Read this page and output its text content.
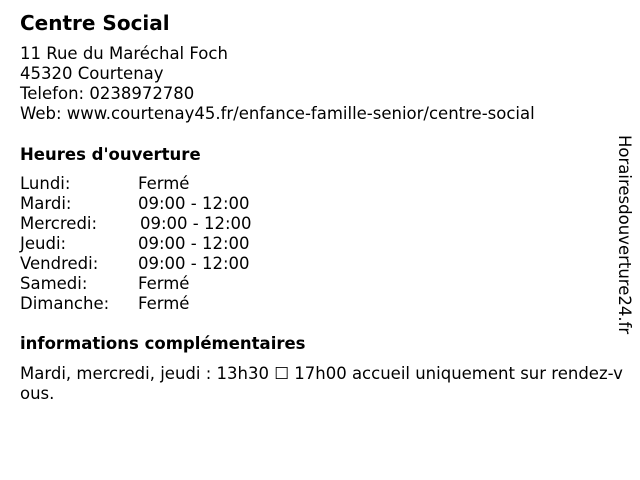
Centre Social
11 Rue du Maréchal Foch
45320 Courtenay
Telefon: 0238972780
Web: www.courtenay45.fr/enfance-famille-senior/centre-social
Heures d'ouverture
Lundi:	Fermé
Mardi:	09:00 - 12:00
Mercredi:	09:00 - 12:00
Jeudi:	09:00 - 12:00
Vendredi: 09:00 - 12:00
Samedi:	Fermé
Dimanche: Fermé
informations complémentaires
Mardi, mercredi, jeudi : 13h30 ☐ 17h00 accueil uniquement sur rendez-vous.
Horairesdouverture24.fr
